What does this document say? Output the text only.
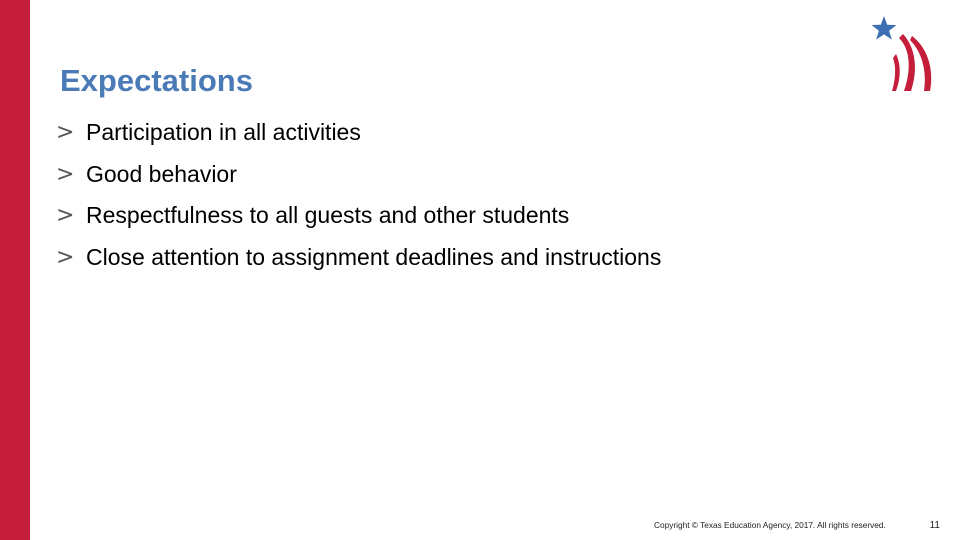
Expectations
> Participation in all activities
> Good behavior
> Respectfulness to all guests and other students
> Close attention to assignment deadlines and instructions
Copyright © Texas Education Agency, 2017. All rights reserved.	11
